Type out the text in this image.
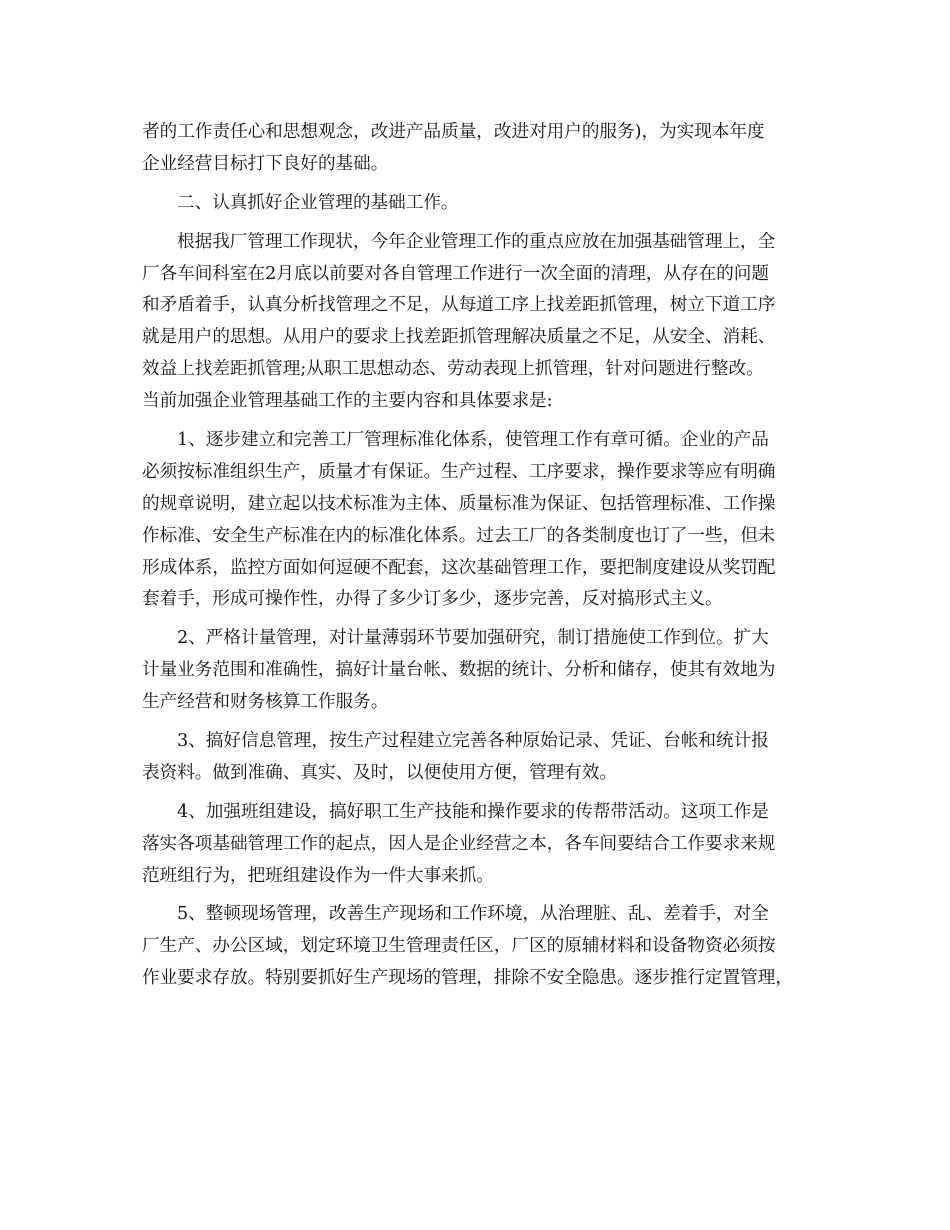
者的工作责任心和思想观念，改进产品质量，改进对用户的服务)，为实现本年度
企业经营目标打下良好的基础。
二、认真抓好企业管理的基础工作。
根据我厂管理工作现状，今年企业管理工作的重点应放在加强基础管理上，全
厂各车间科室在2月底以前要对各自管理工作进行一次全面的清理，从存在的问题
和矛盾着手，认真分析找管理之不足，从每道工序上找差距抓管理，树立下道工序
就是用户的思想。从用户的要求上找差距抓管理解决质量之不足，从安全、消耗、
效益上找差距抓管理;从职工思想动态、劳动表现上抓管理，针对问题进行整改。
当前加强企业管理基础工作的主要内容和具体要求是:
1、逐步建立和完善工厂管理标准化体系，使管理工作有章可循。企业的产品
必须按标准组织生产，质量才有保证。生产过程、工序要求，操作要求等应有明确
的规章说明，建立起以技术标准为主体、质量标准为保证、包括管理标准、工作操
作标准、安全生产标准在内的标准化体系。过去工厂的各类制度也订了一些，但未
形成体系，监控方面如何逗硬不配套，这次基础管理工作，要把制度建设从奖罚配
套着手，形成可操作性，办得了多少订多少，逐步完善，反对搞形式主义。
2、严格计量管理，对计量薄弱环节要加强研究，制订措施使工作到位。扩大
计量业务范围和准确性，搞好计量台帐、数据的统计、分析和储存，使其有效地为
生产经营和财务核算工作服务。
3、搞好信息管理，按生产过程建立完善各种原始记录、凭证、台帐和统计报
表资料。做到准确、真实、及时，以便使用方便，管理有效。
4、加强班组建设，搞好职工生产技能和操作要求的传帮带活动。这项工作是
落实各项基础管理工作的起点，因人是企业经营之本，各车间要结合工作要求来规
范班组行为，把班组建设作为一件大事来抓。
5、整顿现场管理，改善生产现场和工作环境，从治理脏、乱、差着手，对全
厂生产、办公区域，划定环境卫生管理责任区，厂区的原辅材料和设备物资必须按
作业要求存放。特别要抓好生产现场的管理，排除不安全隐患。逐步推行定置管理，
